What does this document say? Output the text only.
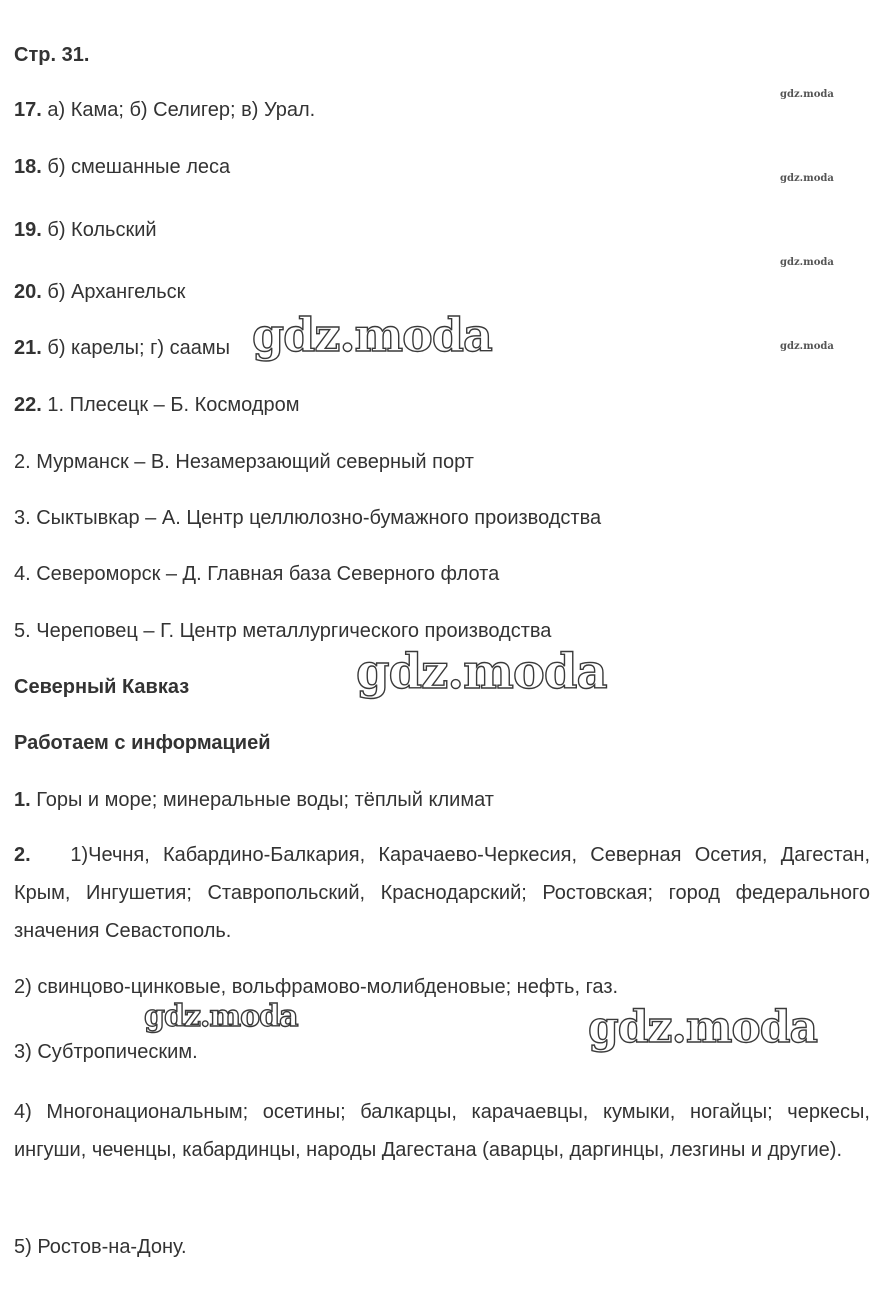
Стр. 31.
17. а) Кама; б) Селигер; в) Урал.
18. б) смешанные леса
19. б) Кольский
20. б) Архангельск
21. б) карелы; г) саамы
22. 1. Плесецк – Б. Космодром
2. Мурманск – В. Незамерзающий северный порт
3. Сыктывкар – А. Центр целлюлозно-бумажного производства
4. Североморск – Д. Главная база Северного флота
5. Череповец – Г. Центр металлургического производства
Северный Кавказ
Работаем с информацией
1. Горы и море; минеральные воды; тёплый климат
2. 1)Чечня, Кабардино-Балкария, Карачаево-Черкесия, Северная Осетия, Дагестан, Крым, Ингушетия; Ставропольский, Краснодарский; Ростовская; город федерального значения Севастополь.
2) свинцово-цинковые, вольфрамово-молибденовые; нефть, газ.
3) Субтропическим.
4) Многонациональным; осетины; балкарцы, карачаевцы, кумыки, ногайцы; черкесы, ингуши, чеченцы, кабардинцы, народы Дагестана (аварцы, даргинцы, лезгины и другие).
5) Ростов-на-Дону.
gdz.moda
gdz.moda
gdz.moda
gdz.moda
gdz.moda
gdz.moda
gdz.moda	gdz.moda
